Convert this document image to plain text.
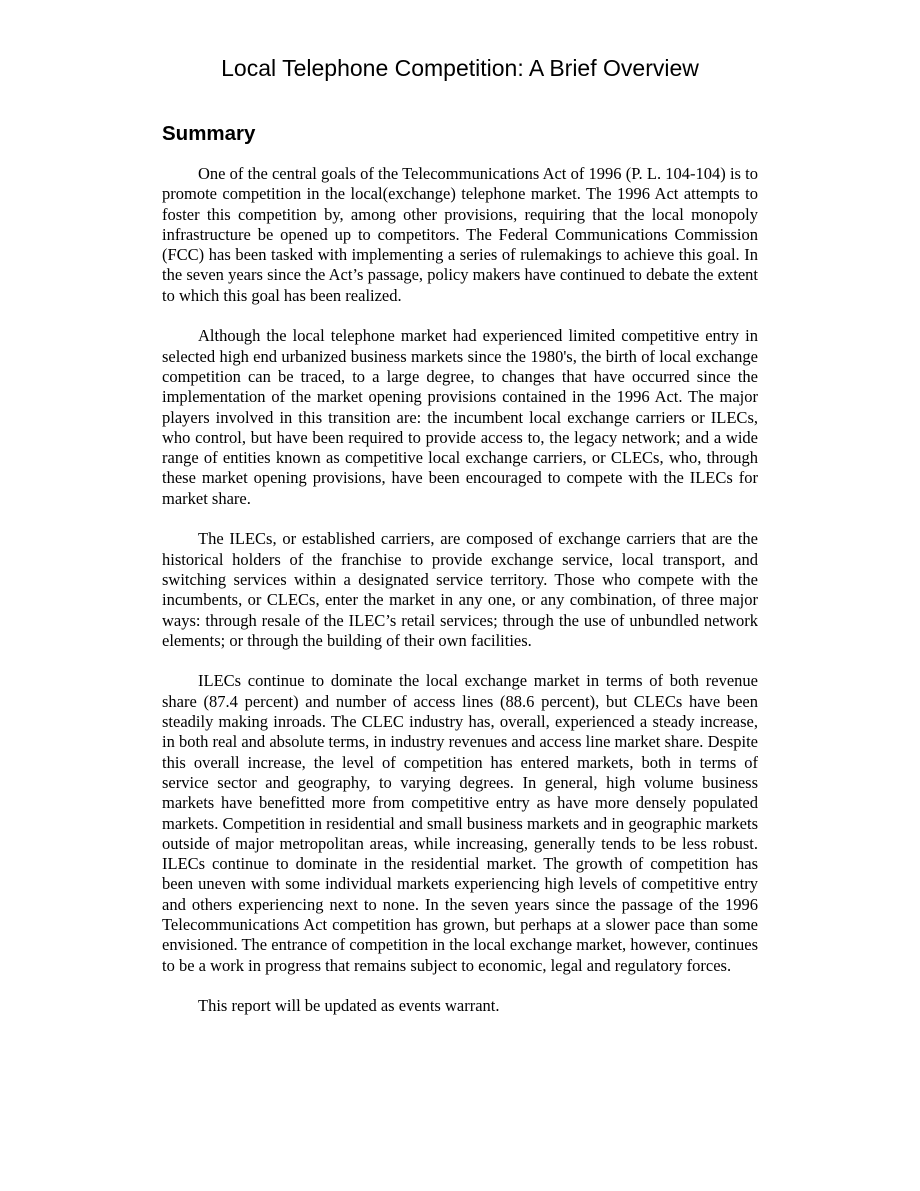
Local Telephone Competition: A Brief Overview
Summary

One of the central goals of the Telecommunications Act of 1996 (P. L. 104-104) is to promote competition in the local(exchange) telephone market. The 1996 Act attempts to foster this competition by, among other provisions, requiring that the local monopoly infrastructure be opened up to competitors. The Federal Communications Commission (FCC) has been tasked with implementing a series of rulemakings to achieve this goal. In the seven years since the Act’s passage, policy makers have continued to debate the extent to which this goal has been realized.

Although the local telephone market had experienced limited competitive entry in selected high end urbanized business markets since the 1980's, the birth of local exchange competition can be traced, to a large degree, to changes that have occurred since the implementation of the market opening provisions contained in the 1996 Act. The major players involved in this transition are: the incumbent local exchange carriers or ILECs, who control, but have been required to provide access to, the legacy network; and a wide range of entities known as competitive local exchange carriers, or CLECs, who, through these market opening provisions, have been encouraged to compete with the ILECs for market share.

The ILECs, or established carriers, are composed of exchange carriers that are the historical holders of the franchise to provide exchange service, local transport, and switching services within a designated service territory. Those who compete with the incumbents, or CLECs, enter the market in any one, or any combination, of three major ways: through resale of the ILEC’s retail services; through the use of unbundled network elements; or through the building of their own facilities.

ILECs continue to dominate the local exchange market in terms of both revenue share (87.4 percent) and number of access lines (88.6 percent), but CLECs have been steadily making inroads. The CLEC industry has, overall, experienced a steady increase, in both real and absolute terms, in industry revenues and access line market share. Despite this overall increase, the level of competition has entered markets, both in terms of service sector and geography, to varying degrees. In general, high volume business markets have benefitted more from competitive entry as have more densely populated markets. Competition in residential and small business markets and in geographic markets outside of major metropolitan areas, while increasing, generally tends to be less robust. ILECs continue to dominate in the residential market. The growth of competition has been uneven with some individual markets experiencing high levels of competitive entry and others experiencing next to none. In the seven years since the passage of the 1996 Telecommunications Act competition has grown, but perhaps at a slower pace than some envisioned. The entrance of competition in the local exchange market, however, continues to be a work in progress that remains subject to economic, legal and regulatory forces.

This report will be updated as events warrant.
